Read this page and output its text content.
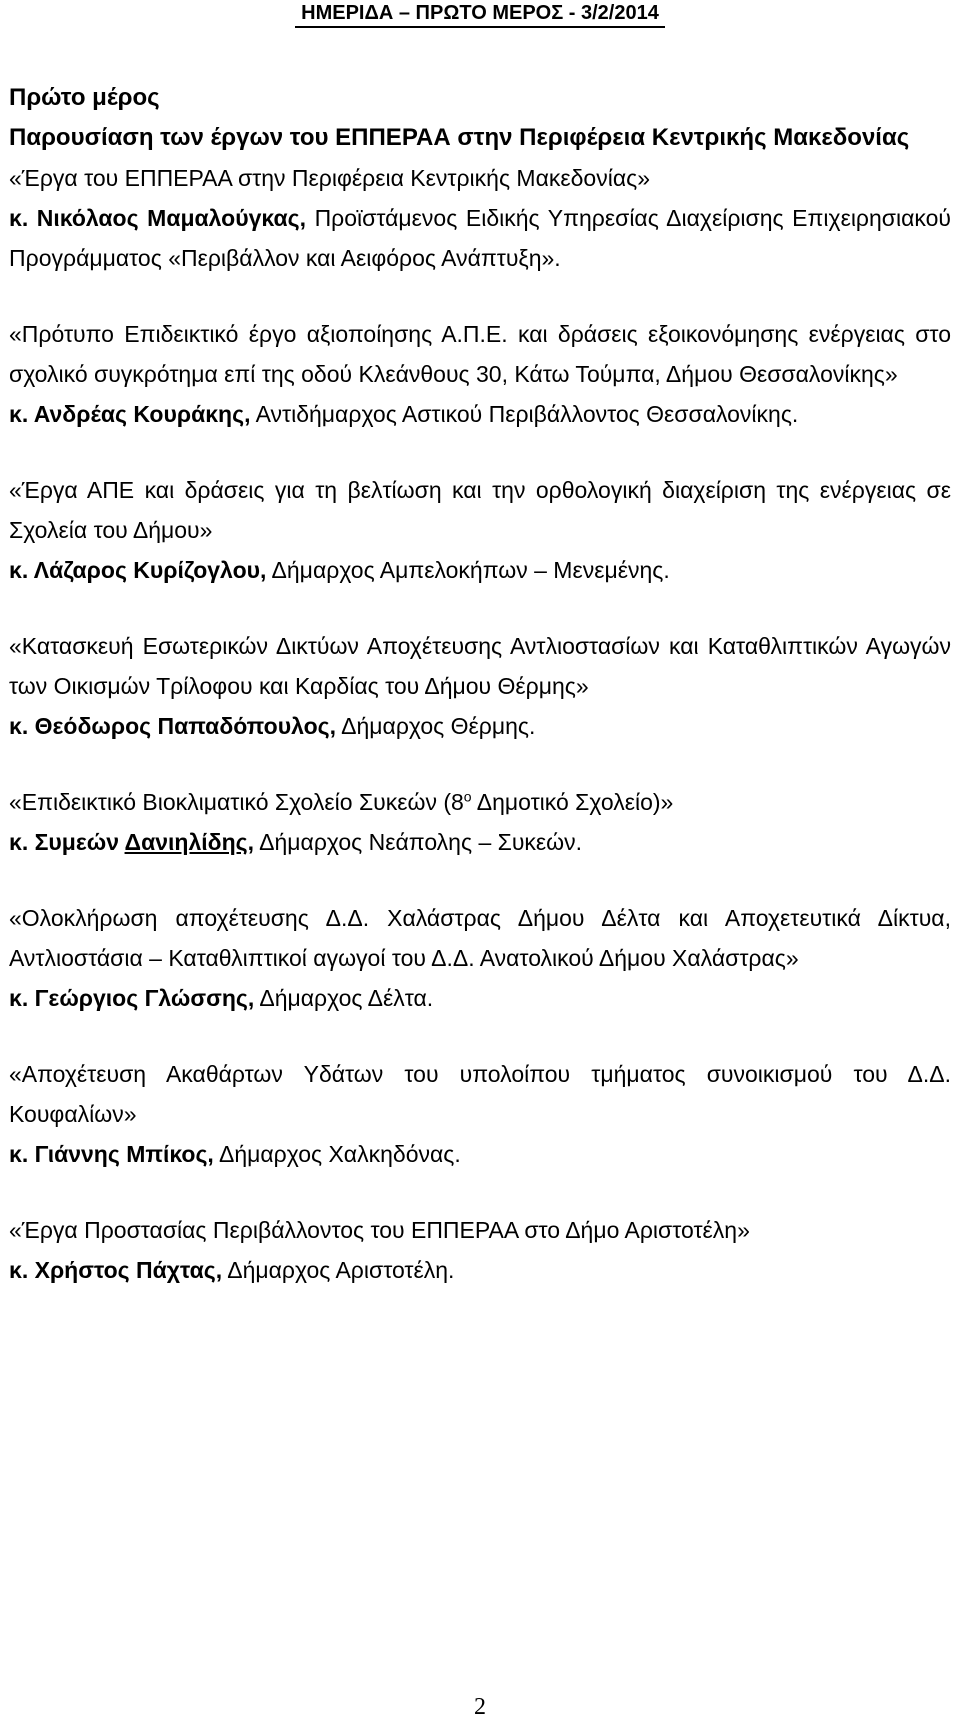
ΗΜΕΡΙΔΑ – ΠΡΩΤΟ ΜΕΡΟΣ - 3/2/2014

Πρώτο μέρος

Παρουσίαση των έργων του ΕΠΠΕΡΑΑ στην Περιφέρεια Κεντρικής Μακεδονίας

«Έργα του ΕΠΠΕΡΑΑ στην Περιφέρεια Κεντρικής Μακεδονίας»

κ. Νικόλαος Μαμαλούγκας, Προϊστάμενος Ειδικής Υπηρεσίας Διαχείρισης Επιχειρησιακού Προγράμματος «Περιβάλλον και Αειφόρος Ανάπτυξη».

«Πρότυπο Επιδεικτικό έργο αξιοποίησης Α.Π.Ε. και δράσεις εξοικονόμησης ενέργειας στο σχολικό συγκρότημα επί της οδού Κλεάνθους 30, Κάτω Τούμπα, Δήμου Θεσσαλονίκης»

κ. Ανδρέας Κουράκης, Αντιδήμαρχος Αστικού Περιβάλλοντος Θεσσαλονίκης.

«Έργα ΑΠΕ και δράσεις για τη βελτίωση και την ορθολογική διαχείριση της ενέργειας σε Σχολεία του Δήμου»

κ. Λάζαρος Κυρίζογλου, Δήμαρχος Αμπελοκήπων – Μενεμένης.

«Κατασκευή Εσωτερικών Δικτύων Αποχέτευσης Αντλιοστασίων και Καταθλιπτικών Αγωγών των Οικισμών Τρίλοφου και Καρδίας του Δήμου Θέρμης»

κ. Θεόδωρος Παπαδόπουλος, Δήμαρχος Θέρμης.

«Επιδεικτικό Βιοκλιματικό Σχολείο Συκεών ($8^o$ Δημοτικό Σχολείο)»

κ. Συμεών Δανιηλίδης, Δήμαρχος Νεάπολης – Συκεών.

«Ολοκλήρωση αποχέτευσης Δ.Δ. Χαλάστρας Δήμου Δέλτα και Αποχετευτικά Δίκτυα, Αντλιοστάσια – Καταθλιπτικοί αγωγοί του Δ.Δ. Ανατολικού Δήμου Χαλάστρας»

κ. Γεώργιος Γλώσσης, Δήμαρχος Δέλτα.

«Αποχέτευση Ακαθάρτων Υδάτων του υπολοίπου τμήματος συνοικισμού του Δ.Δ. Κουφαλίων»

κ. Γιάννης Μπίκος, Δήμαρχος Χαλκηδόνας.

«Έργα Προστασίας Περιβάλλοντος του ΕΠΠΕΡΑΑ στο Δήμο Αριστοτέλη»

κ. Χρήστος Πάχτας, Δήμαρχος Αριστοτέλη.

2
